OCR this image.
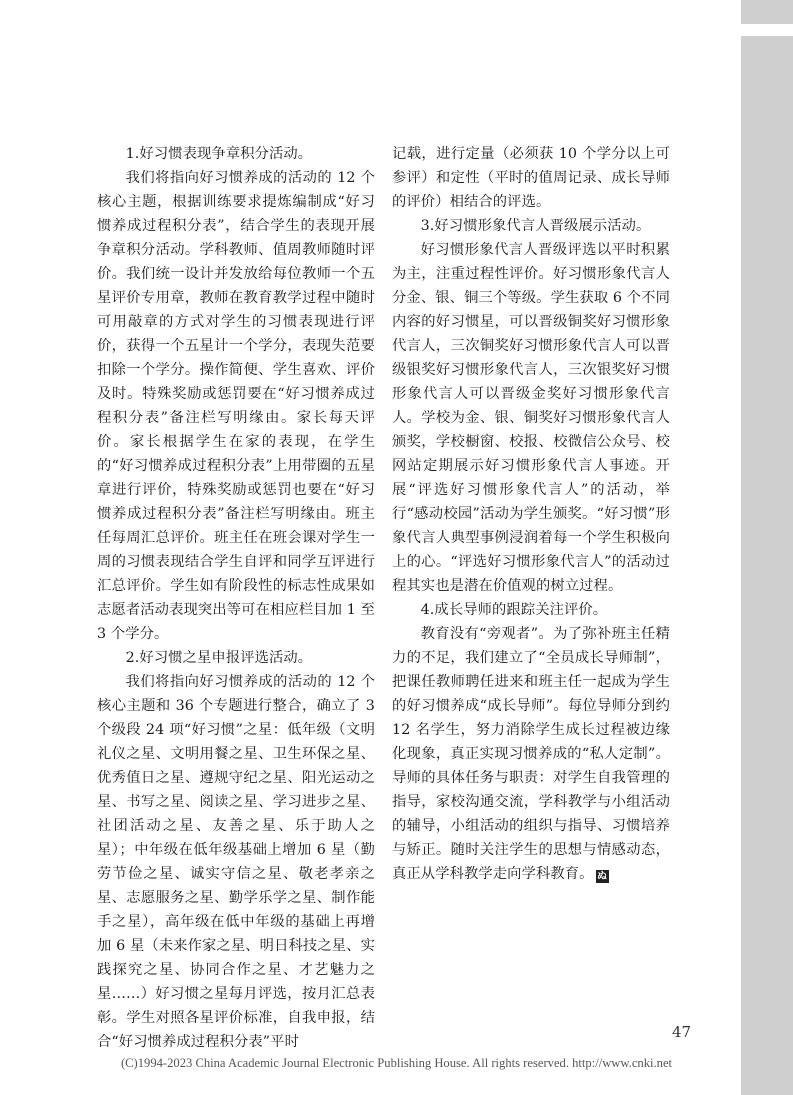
1.好习惯表现争章积分活动。

我们将指向好习惯养成的活动的 12 个核心主题，根据训练要求提炼编制成“好习惯养成过程积分表”，结合学生的表现开展争章积分活动。学科教师、值周教师随时评价。我们统一设计并发放给每位教师一个五星评价专用章，教师在教育教学过程中随时可用敲章的方式对学生的习惯表现进行评价，获得一个五星计一个学分，表现失范要扣除一个学分。操作简便、学生喜欢、评价及时。特殊奖励或惩罚要在“好习惯养成过程积分表”备注栏写明缘由。家长每天评价。家长根据学生在家的表现，在学生的“好习惯养成过程积分表”上用带圈的五星章进行评价，特殊奖励或惩罚也要在“好习惯养成过程积分表”备注栏写明缘由。班主任每周汇总评价。班主任在班会课对学生一周的习惯表现结合学生自评和同学互评进行汇总评价。学生如有阶段性的标志性成果如志愿者活动表现突出等可在相应栏目加 1 至 3 个学分。

2.好习惯之星申报评选活动。

我们将指向好习惯养成的活动的 12 个核心主题和 36 个专题进行整合，确立了 3 个级段 24 项“好习惯”之星：低年级（文明礼仪之星、文明用餐之星、卫生环保之星、优秀值日之星、遵规守纪之星、阳光运动之星、书写之星、阅读之星、学习进步之星、社团活动之星、友善之星、乐于助人之星）；中年级在低年级基础上增加 6 星（勤劳节俭之星、诚实守信之星、敬老孝亲之星、志愿服务之星、勤学乐学之星、制作能手之星），高年级在低中年级的基础上再增加 6 星（未来作家之星、明日科技之星、实践探究之星、协同合作之星、才艺魅力之星……）好习惯之星每月评选，按月汇总表彰。学生对照各星评价标准，自我申报，结合“好习惯养成过程积分表”平时

记载，进行定量（必须获 10 个学分以上可参评）和定性（平时的值周记录、成长导师的评价）相结合的评选。

3.好习惯形象代言人晋级展示活动。

好习惯形象代言人晋级评选以平时积累为主，注重过程性评价。好习惯形象代言人分金、银、铜三个等级。学生获取 6 个不同内容的好习惯星，可以晋级铜奖好习惯形象代言人，三次铜奖好习惯形象代言人可以晋级银奖好习惯形象代言人，三次银奖好习惯形象代言人可以晋级金奖好习惯形象代言人。学校为金、银、铜奖好习惯形象代言人颁奖，学校橱窗、校报、校微信公众号、校网站定期展示好习惯形象代言人事迹。开展“评选好习惯形象代言人”的活动，举行“感动校园”活动为学生颁奖。“好习惯”形象代言人典型事例浸润着每一个学生积极向上的心。“评选好习惯形象代言人”的活动过程其实也是潜在价值观的树立过程。

4.成长导师的跟踪关注评价。

教育没有“旁观者”。为了弥补班主任精力的不足，我们建立了“全员成长导师制”，把课任教师聘任进来和班主任一起成为学生的好习惯养成“成长导师”。每位导师分到约 12 名学生，努力消除学生成长过程被边缘化现象，真正实现习惯养成的“私人定制”。导师的具体任务与职责：对学生自我管理的指导，家校沟通交流，学科教学与小组活动的辅导，小组活动的组织与指导、习惯培养与矫正。随时关注学生的思想与情感动态，真正从学科教学走向学科教育。 ぬ

47
(C)1994-2023 China Academic Journal Electronic Publishing House. All rights reserved. http://www.cnki.net
